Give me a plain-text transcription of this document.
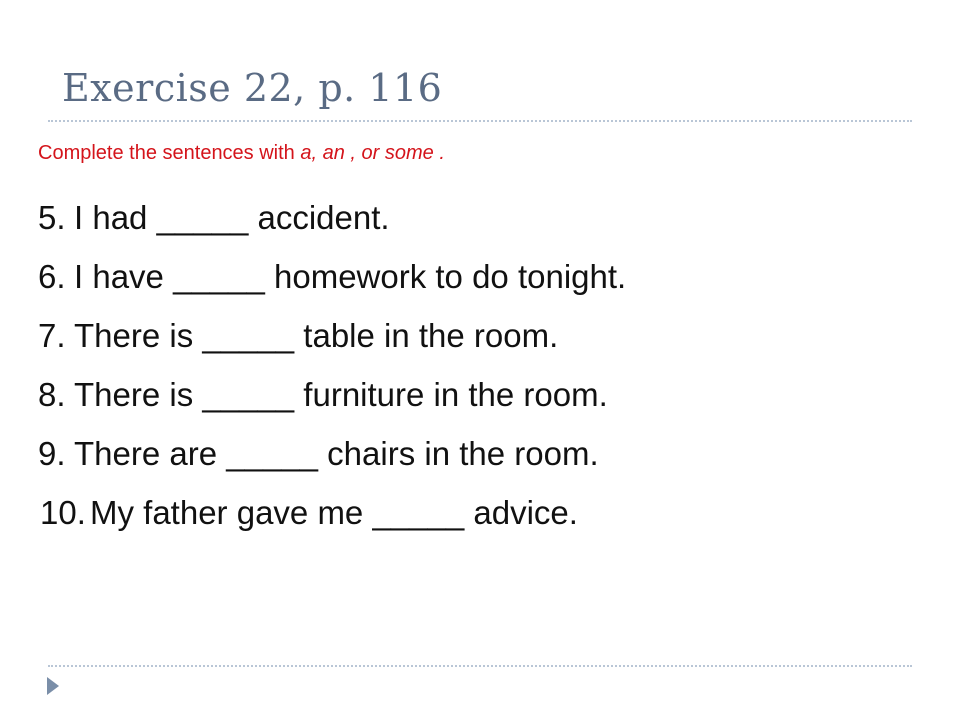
Exercise 22, p. 116
Complete the sentences with a, an , or some .
5. I had _____ accident.
6. I have _____ homework to do tonight.
7. There is _____ table in the room.
8. There is _____ furniture in the room.
9. There are _____ chairs in the room.
10. My father gave me _____ advice.
